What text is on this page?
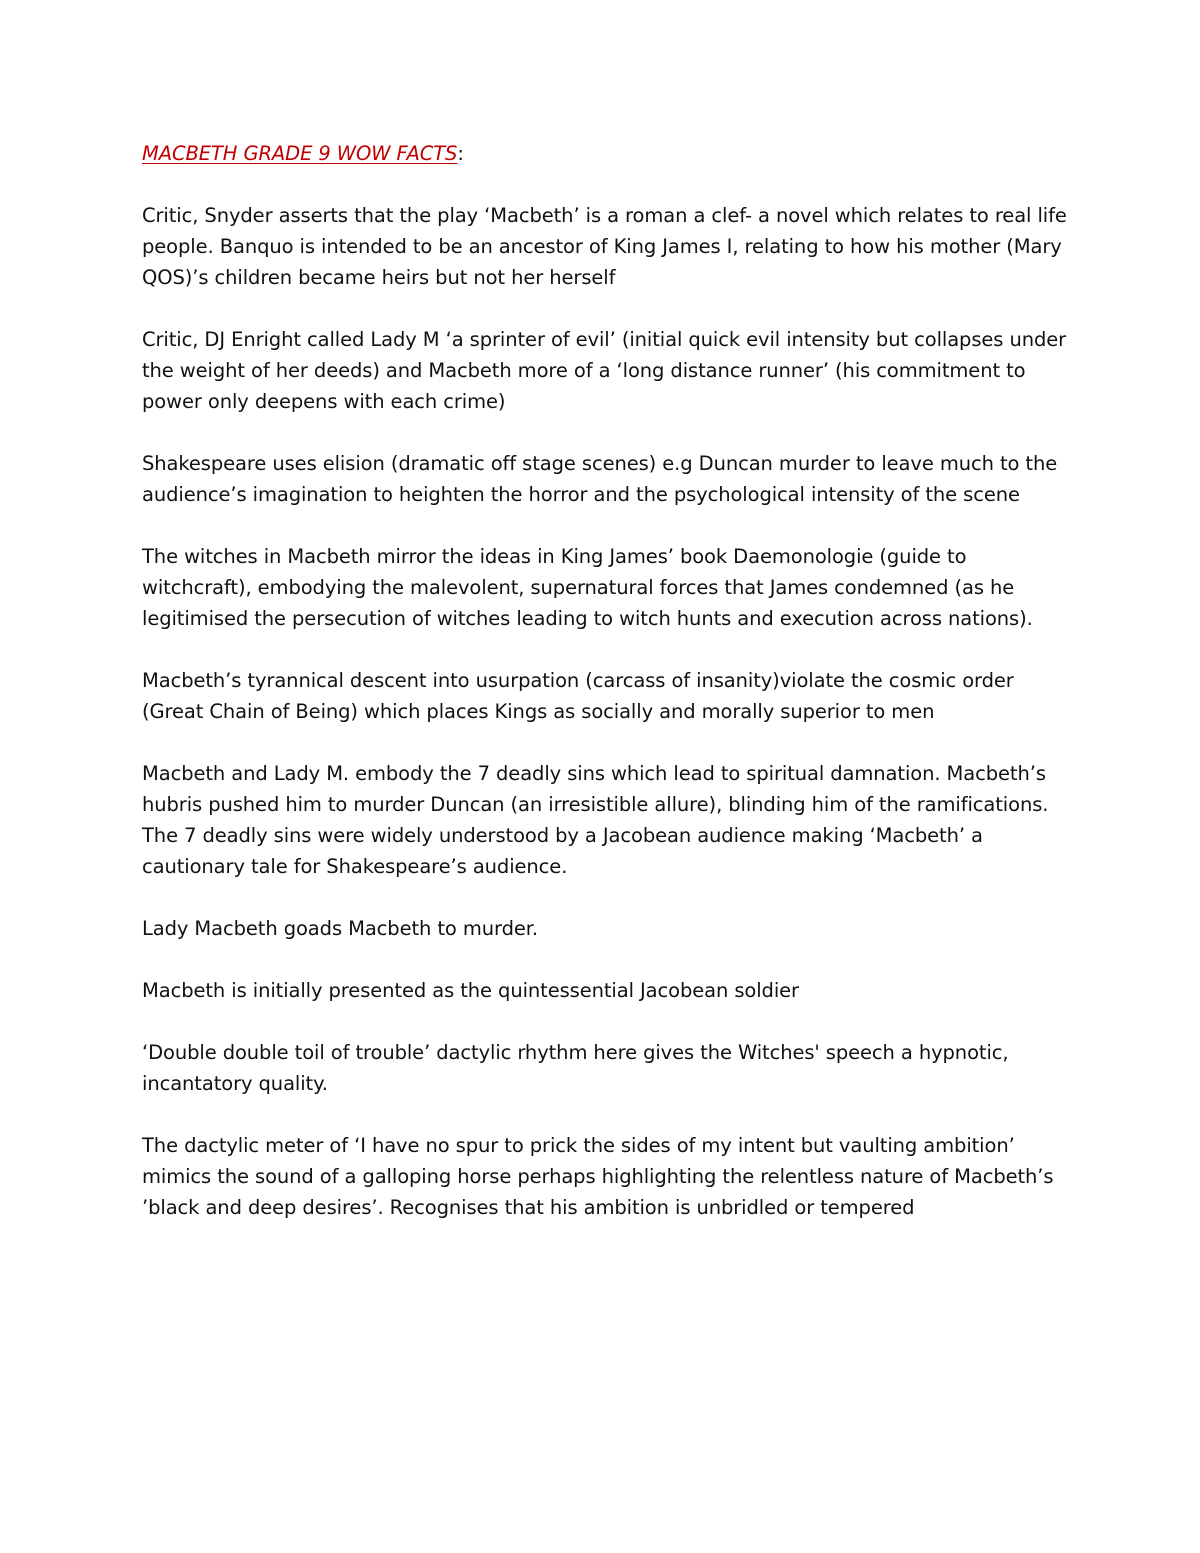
MACBETH GRADE 9 WOW FACTS:

Critic, Snyder asserts that the play ‘Macbeth’ is a roman a clef- a novel which relates to real life people. Banquo is intended to be an ancestor of King James I, relating to how his mother (Mary QOS)’s children became heirs but not her herself

Critic, DJ Enright called Lady M ‘a sprinter of evil’ (initial quick evil intensity but collapses under the weight of her deeds) and Macbeth more of a ‘long distance runner’ (his commitment to power only deepens with each crime)

Shakespeare uses elision (dramatic off stage scenes) e.g Duncan murder to leave much to the audience’s imagination to heighten the horror and the psychological intensity of the scene

The witches in Macbeth mirror the ideas in King James’ book Daemonologie (guide to witchcraft), embodying the malevolent, supernatural forces that James condemned (as he legitimised the persecution of witches leading to witch hunts and execution across nations).

Macbeth’s tyrannical descent into usurpation (carcass of insanity)violate the cosmic order (Great Chain of Being) which places Kings as socially and morally superior to men

Macbeth and Lady M. embody the 7 deadly sins which lead to spiritual damnation. Macbeth’s hubris pushed him to murder Duncan (an irresistible allure), blinding him of the ramifications. The 7 deadly sins were widely understood by a Jacobean audience making ‘Macbeth’ a cautionary tale for Shakespeare’s audience.

Lady Macbeth goads Macbeth to murder.

Macbeth is initially presented as the quintessential Jacobean soldier

‘Double double toil of trouble’ dactylic rhythm here gives the Witches' speech a hypnotic, incantatory quality.

The dactylic meter of ‘I have no spur to prick the sides of my intent but vaulting ambition’ mimics the sound of a galloping horse perhaps highlighting the relentless nature of Macbeth’s ’black and deep desires’. Recognises that his ambition is unbridled or tempered
